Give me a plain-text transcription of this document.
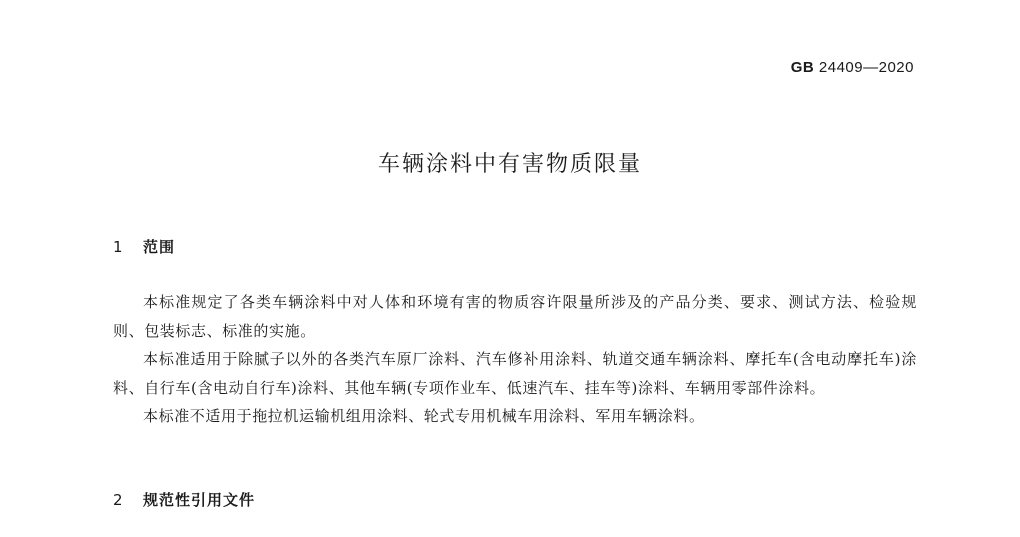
GB 24409—2020
车辆涂料中有害物质限量
1 范围

本标准规定了各类车辆涂料中对人体和环境有害的物质容许限量所涉及的产品分类、要求、测试方法、检验规则、包装标志、标准的实施。

本标准适用于除腻子以外的各类汽车原厂涂料、汽车修补用涂料、轨道交通车辆涂料、摩托车(含电动摩托车)涂料、自行车(含电动自行车)涂料、其他车辆(专项作业车、低速汽车、挂车等)涂料、车辆用零部件涂料。

本标准不适用于拖拉机运输机组用涂料、轮式专用机械车用涂料、军用车辆涂料。

2 规范性引用文件
